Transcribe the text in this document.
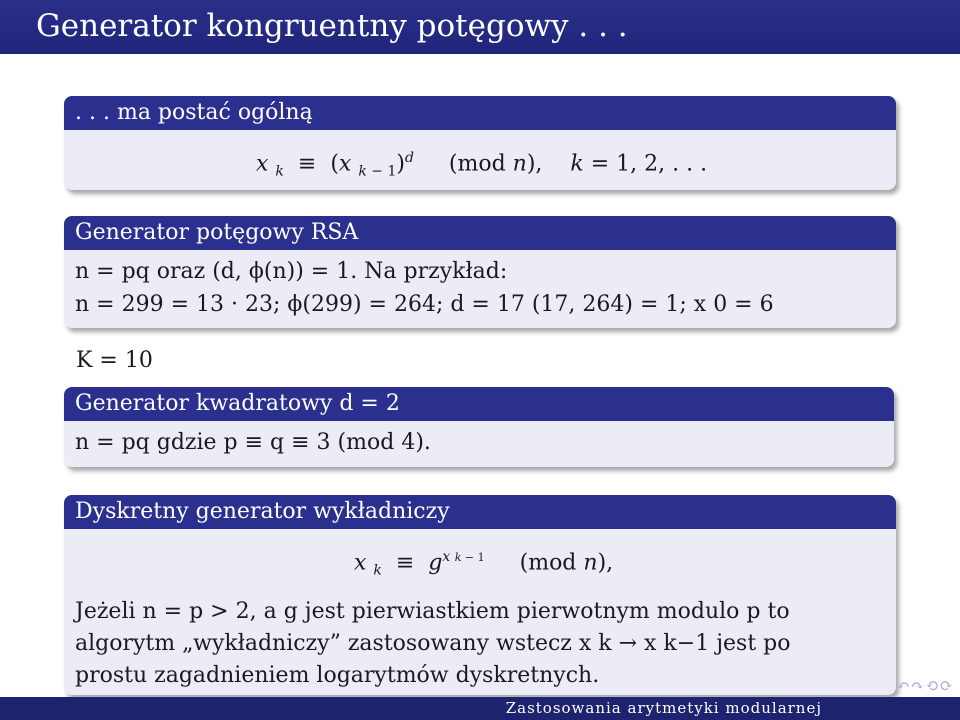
Generator kongruentny potęgowy . . .
. . . ma postać ogólną
x $_k$  ≡  (x $_{k - 1}$)$^d$     (mod n),    k = 1, 2, . . .
Generator potęgowy RSA
n = pq oraz (d, ϕ(n)) = 1. Na przykład:
n = 299 = 13 · 23; ϕ(299) = 264; d = 17 (17, 264) = 1; x 0 = 6
K = 10
Generator kwadratowy d = 2
n = pq gdzie p ≡ q ≡ 3 (mod 4).
Dyskretny generator wykładniczy
x $_k \equiv g^{x k - 1}$     (mod n),
Jeżeli n = p > 2, a g jest pierwiastkiem pierwotnym modulo p to
algorytm „wykładniczy” zastosowany wstecz x k → x k−1 jest po
prostu zagadnieniem logarytmów dyskretnych.	↶↷⟲⟳
Zastosowania arytmetyki modularnej
